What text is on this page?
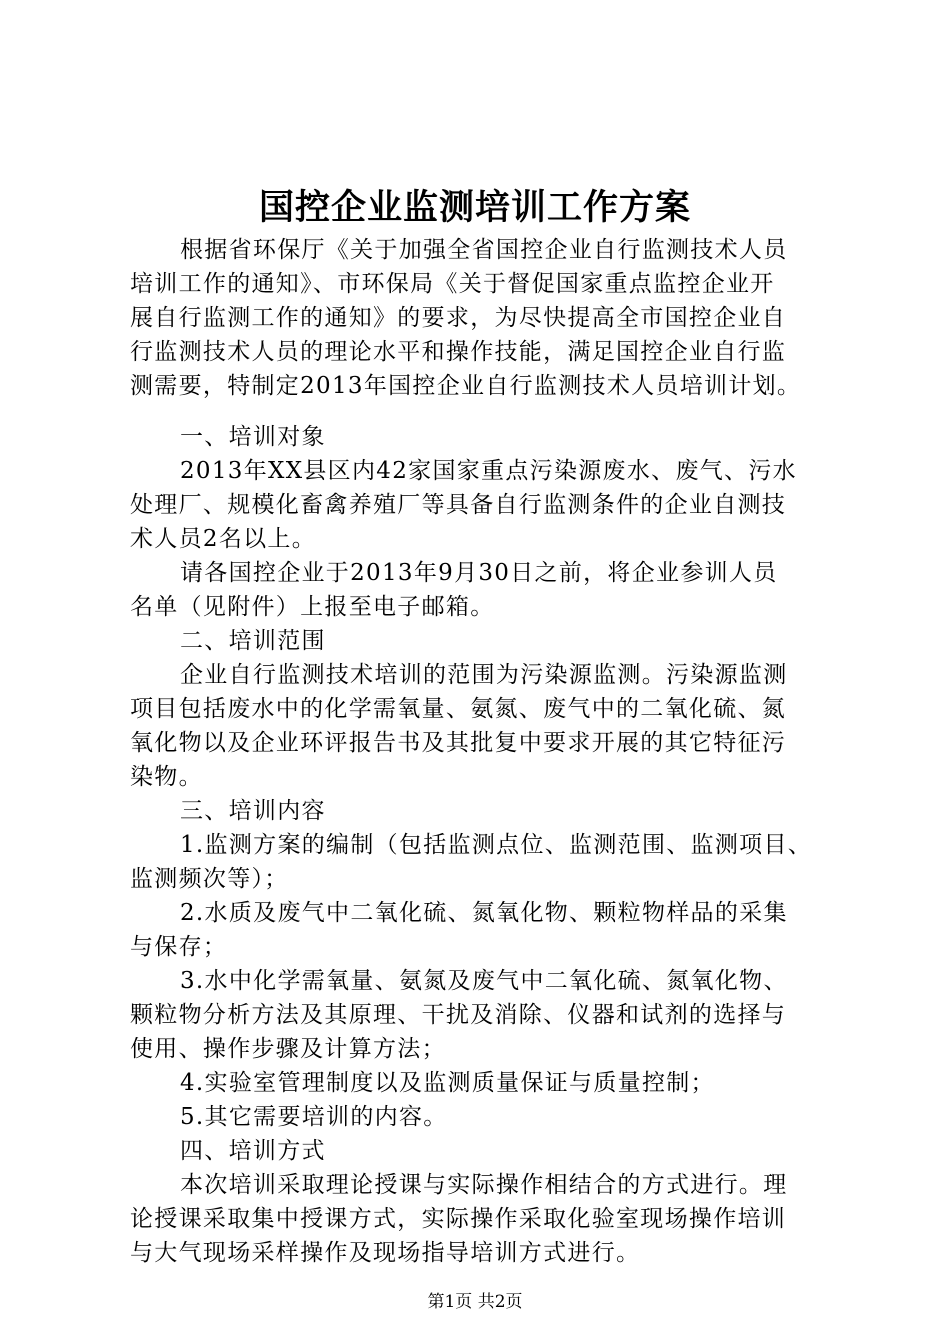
国控企业监测培训工作方案
根据省环保厅《关于加强全省国控企业自行监测技术人员
培训工作的通知》、市环保局《关于督促国家重点监控企业开
展自行监测工作的通知》的要求，为尽快提高全市国控企业自
行监测技术人员的理论水平和操作技能，满足国控企业自行监
测需要，特制定2013年国控企业自行监测技术人员培训计划。
一、培训对象
2013年XX县区内42家国家重点污染源废水、废气、污水
处理厂、规模化畜禽养殖厂等具备自行监测条件的企业自测技
术人员2名以上。
请各国控企业于2013年9月30日之前，将企业参训人员
名单（见附件）上报至电子邮箱。
二、培训范围
企业自行监测技术培训的范围为污染源监测。污染源监测
项目包括废水中的化学需氧量、氨氮、废气中的二氧化硫、氮
氧化物以及企业环评报告书及其批复中要求开展的其它特征污
染物。
三、培训内容
1.监测方案的编制（包括监测点位、监测范围、监测项目、
监测频次等）；
2.水质及废气中二氧化硫、氮氧化物、颗粒物样品的采集
与保存；
3.水中化学需氧量、氨氮及废气中二氧化硫、氮氧化物、
颗粒物分析方法及其原理、干扰及消除、仪器和试剂的选择与
使用、操作步骤及计算方法；
4.实验室管理制度以及监测质量保证与质量控制；
5.其它需要培训的内容。
四、培训方式
本次培训采取理论授课与实际操作相结合的方式进行。理
论授课采取集中授课方式，实际操作采取化验室现场操作培训
与大气现场采样操作及现场指导培训方式进行。
第1页 共2页
